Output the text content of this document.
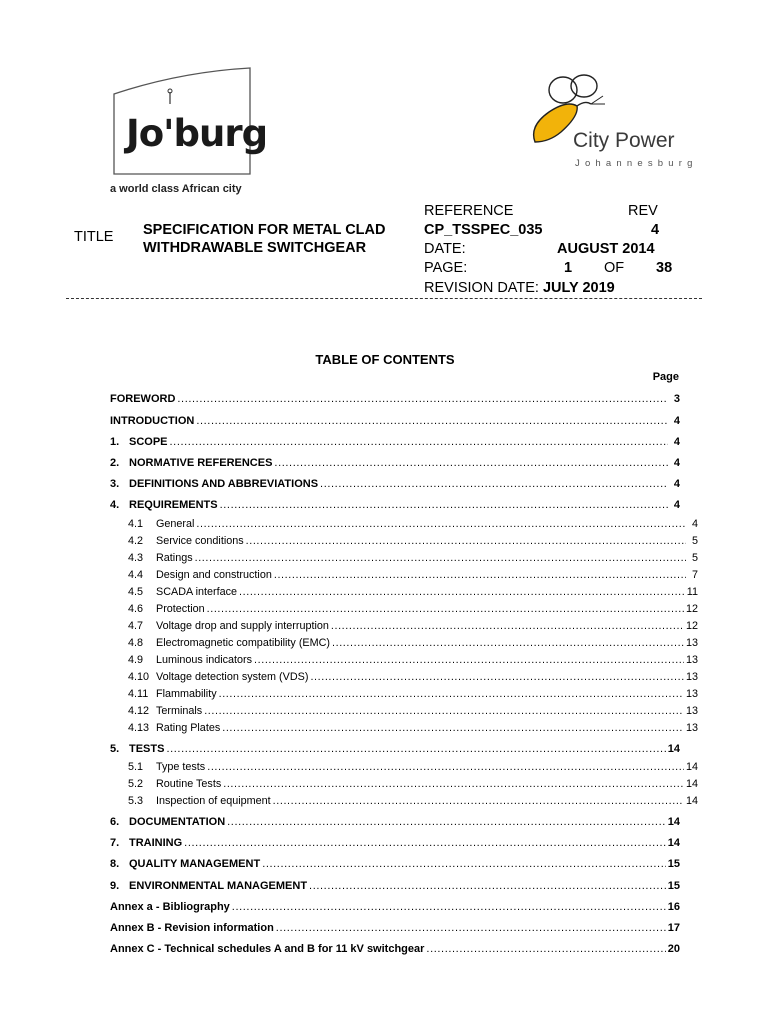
Jo'burg
a world class African city
City Power
Johannesburg
TITLE SPECIFICATION FOR METAL CLAD
WITHDRAWABLE SWITCHGEAR
REFERENCE	REV
CP_TSSPEC_035	4
DATE:	AUGUST 2014
PAGE:	1 OF 38
REVISION DATE: JULY 2019
TABLE OF CONTENTS
Page
FOREWORD .....	3
INTRODUCTION .....	4
1. SCOPE .....	4
2. NORMATIVE REFERENCES .....	4
3. DEFINITIONS AND ABBREVIATIONS .....	4
4. REQUIREMENTS .....	4
4.1	General .....	4
4.2	Service conditions .....	5
4.3	Ratings .....	5
4.4	Design and construction .....	7
4.5	SCADA interface .....	11
4.6	Protection .....	12
4.7	Voltage drop and supply interruption .....	12
4.8	Electromagnetic compatibility (EMC) .....	13
4.9	Luminous indicators .....	13
4.10 Voltage detection system (VDS) .....	13
4.11 Flammability .....	13
4.12 Terminals .....	13
4.13 Rating Plates .....	13
5. TESTS .....	14
5.1	Type tests .....	14
5.2	Routine Tests .....	14
5.3	Inspection of equipment .....	14
6. DOCUMENTATION .....	14
7. TRAINING .....	14
8. QUALITY MANAGEMENT .....	15
9. ENVIRONMENTAL MANAGEMENT .....	15
Annex a - Bibliography .....	16
Annex B - Revision information .....	17
Annex C - Technical schedules A and B for 11 kV switchgear .....	20
